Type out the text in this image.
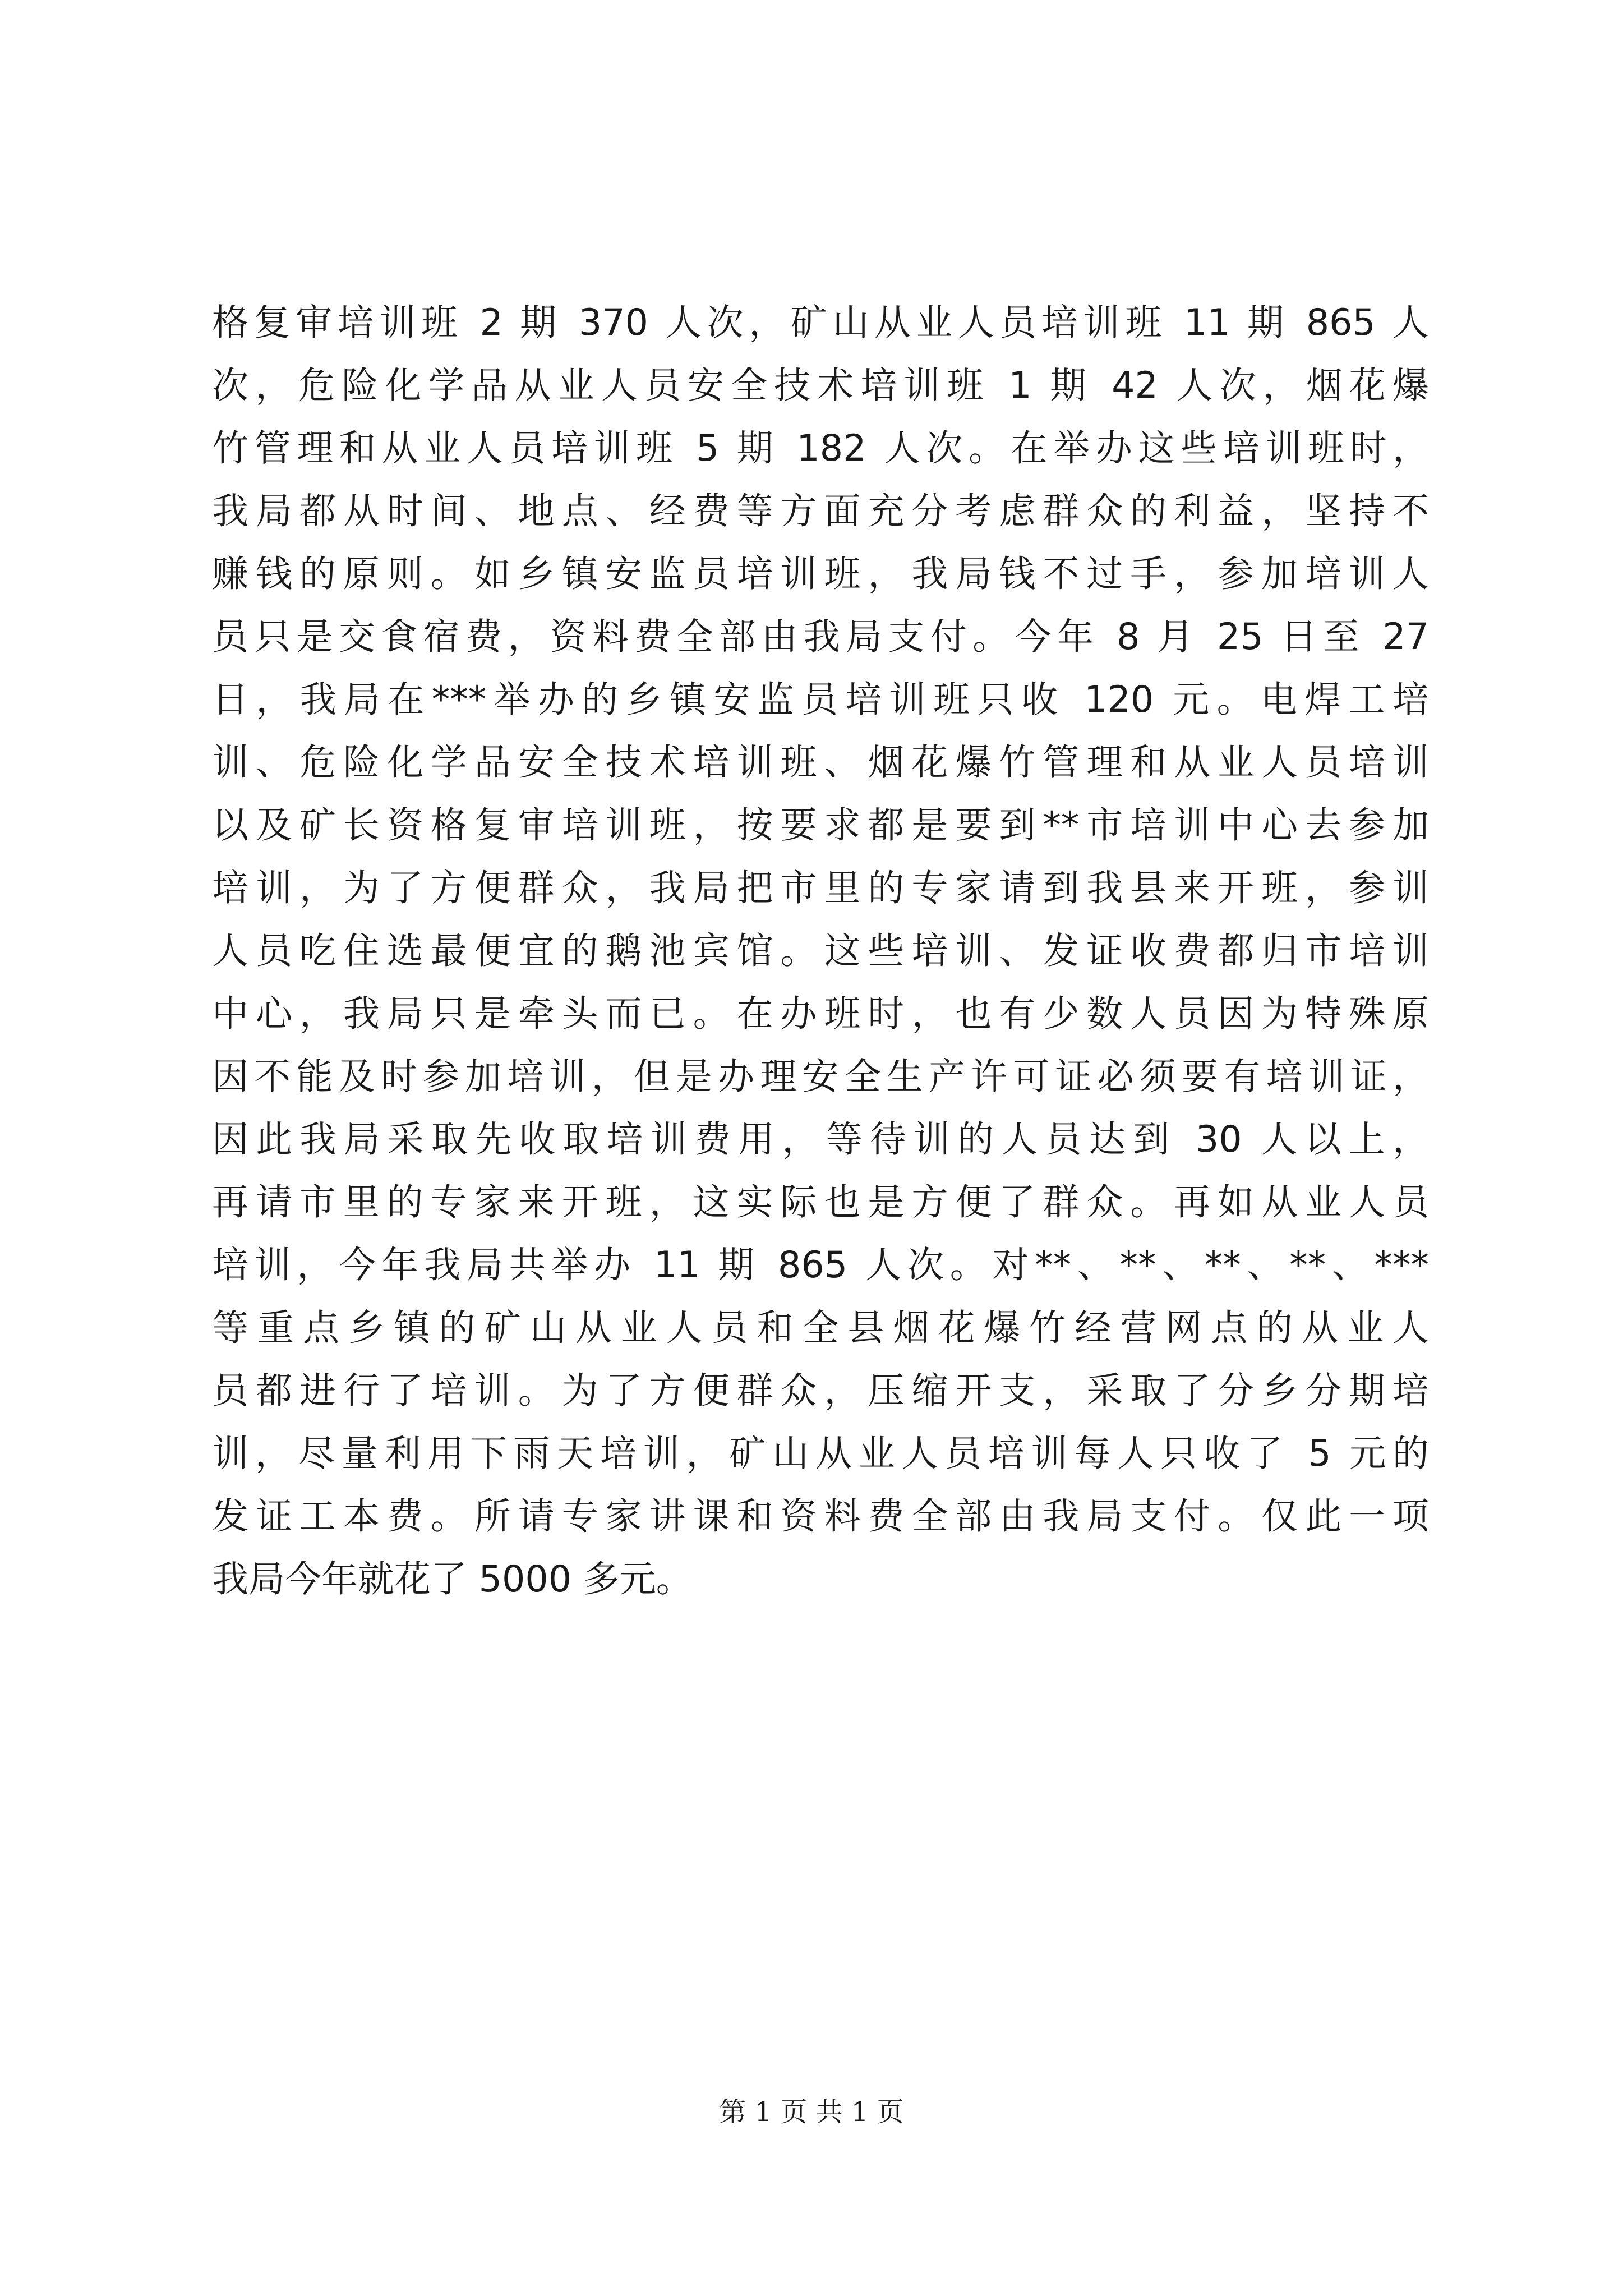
格复审培训班 2 期 370 人次，矿山从业人员培训班 11 期 865 人
次，危险化学品从业人员安全技术培训班 1 期 42 人次，烟花爆
竹管理和从业人员培训班 5 期 182 人次。在举办这些培训班时，
我局都从时间、地点、经费等方面充分考虑群众的利益，坚持不
赚钱的原则。如乡镇安监员培训班，我局钱不过手，参加培训人
员只是交食宿费，资料费全部由我局支付。今年 8 月 25 日至 27
日，我局在***举办的乡镇安监员培训班只收 120 元。电焊工培
训、危险化学品安全技术培训班、烟花爆竹管理和从业人员培训
以及矿长资格复审培训班，按要求都是要到**市培训中心去参加
培训，为了方便群众，我局把市里的专家请到我县来开班，参训
人员吃住选最便宜的鹅池宾馆。这些培训、发证收费都归市培训
中心，我局只是牵头而已。在办班时，也有少数人员因为特殊原
因不能及时参加培训，但是办理安全生产许可证必须要有培训证，
因此我局采取先收取培训费用，等待训的人员达到 30 人以上，
再请市里的专家来开班，这实际也是方便了群众。再如从业人员
培训，今年我局共举办 11 期 865 人次。对**、**、**、**、***
等重点乡镇的矿山从业人员和全县烟花爆竹经营网点的从业人
员都进行了培训。为了方便群众，压缩开支，采取了分乡分期培
训，尽量利用下雨天培训，矿山从业人员培训每人只收了 5 元的
发证工本费。所请专家讲课和资料费全部由我局支付。仅此一项
我局今年就花了 5000 多元。
第 1 页 共 1 页
